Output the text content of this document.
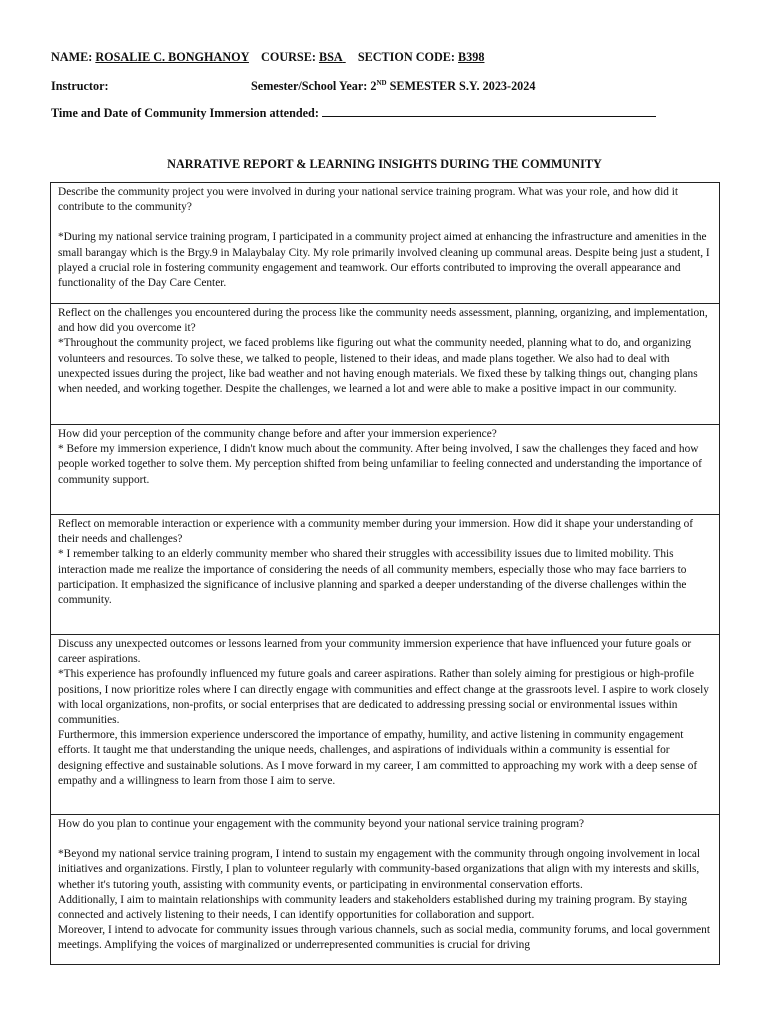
NAME: ROSALIE C. BONGHANOY COURSE: BSA SECTION CODE: B398
Instructor:	Semester/School Year: 2ND SEMESTER S.Y. 2023-2024
Time and Date of Community Immersion attended:
NARRATIVE REPORT & LEARNING INSIGHTS DURING THE COMMUNITY

Describe the community project you were involved in during your national service training program. What was your role, and how did it contribute to the community?

*During my national service training program, I participated in a community project aimed at enhancing the infrastructure and amenities in the small barangay which is the Brgy.9 in Malaybalay City. My role primarily involved cleaning up communal areas. Despite being just a student, I played a crucial role in fostering community engagement and teamwork. Our efforts contributed to improving the overall appearance and functionality of the Day Care Center.

Reflect on the challenges you encountered during the process like the community needs assessment, planning, organizing, and implementation, and how did you overcome it?

*Throughout the community project, we faced problems like figuring out what the community needed, planning what to do, and organizing volunteers and resources. To solve these, we talked to people, listened to their ideas, and made plans together. We also had to deal with unexpected issues during the project, like bad weather and not having enough materials. We fixed these by talking things out, changing plans when needed, and working together. Despite the challenges, we learned a lot and were able to make a positive impact in our community.

How did your perception of the community change before and after your immersion experience?

* Before my immersion experience, I didn't know much about the community. After being involved, I saw the challenges they faced and how people worked together to solve them. My perception shifted from being unfamiliar to feeling connected and understanding the importance of community support.

Reflect on memorable interaction or experience with a community member during your immersion. How did it shape your understanding of their needs and challenges?

* I remember talking to an elderly community member who shared their struggles with accessibility issues due to limited mobility. This interaction made me realize the importance of considering the needs of all community members, especially those who may face barriers to participation. It emphasized the significance of inclusive planning and sparked a deeper understanding of the diverse challenges within the community.

Discuss any unexpected outcomes or lessons learned from your community immersion experience that have influenced your future goals or career aspirations.

*This experience has profoundly influenced my future goals and career aspirations. Rather than solely aiming for prestigious or high-profile positions, I now prioritize roles where I can directly engage with communities and effect change at the grassroots level. I aspire to work closely with local organizations, non-profits, or social enterprises that are dedicated to addressing pressing social or environmental issues within communities.

Furthermore, this immersion experience underscored the importance of empathy, humility, and active listening in community engagement efforts. It taught me that understanding the unique needs, challenges, and aspirations of individuals within a community is essential for designing effective and sustainable solutions. As I move forward in my career, I am committed to approaching my work with a deep sense of empathy and a willingness to learn from those I aim to serve.

How do you plan to continue your engagement with the community beyond your national service training program?

*Beyond my national service training program, I intend to sustain my engagement with the community through ongoing involvement in local initiatives and organizations. Firstly, I plan to volunteer regularly with community-based organizations that align with my interests and skills, whether it's tutoring youth, assisting with community events, or participating in environmental conservation efforts.

Additionally, I aim to maintain relationships with community leaders and stakeholders established during my training program. By staying connected and actively listening to their needs, I can identify opportunities for collaboration and support.

Moreover, I intend to advocate for community issues through various channels, such as social media, community forums, and local government meetings. Amplifying the voices of marginalized or underrepresented communities is crucial for driving
